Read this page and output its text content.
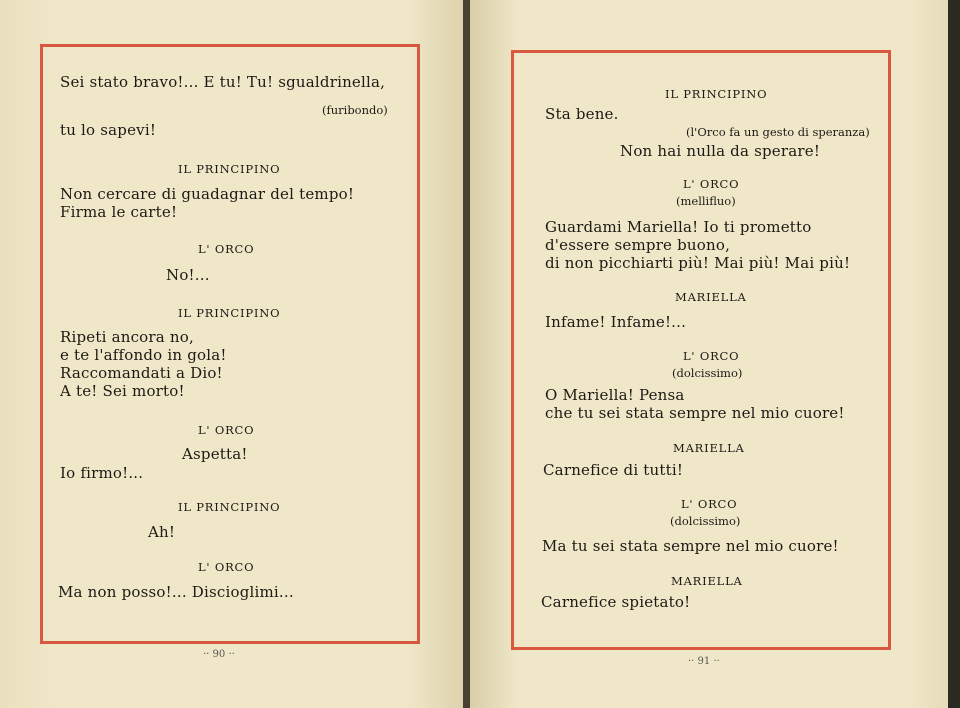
Sei stato bravo!... E tu! Tu! sgualdrinella,
(furibondo)
tu lo sapevi!
IL PRINCIPINO
Non cercare di guadagnar del tempo!
Firma le carte!
L' ORCO
No!...
IL PRINCIPINO
Ripeti ancora no,
e te l'affondo in gola!
Raccomandati a Dio!
A te! Sei morto!
L' ORCO
Aspetta!
Io firmo!...
IL PRINCIPINO
Ah!
L' ORCO
Ma non posso!... Discioglimi...
·· 90 ··
IL PRINCIPINO
Sta bene.
(l'Orco fa un gesto di speranza)
Non hai nulla da sperare!
L' ORCO
(mellifluo)
Guardami Mariella! Io ti prometto
d'essere sempre buono,
di non picchiarti più! Mai più! Mai più!
MARIELLA
Infame! Infame!...
L' ORCO
(dolcissimo)
O Mariella! Pensa
che tu sei stata sempre nel mio cuore!
MARIELLA
Carnefice di tutti!
L' ORCO
(dolcissimo)
Ma tu sei stata sempre nel mio cuore!
MARIELLA
Carnefice spietato!
·· 91 ··
